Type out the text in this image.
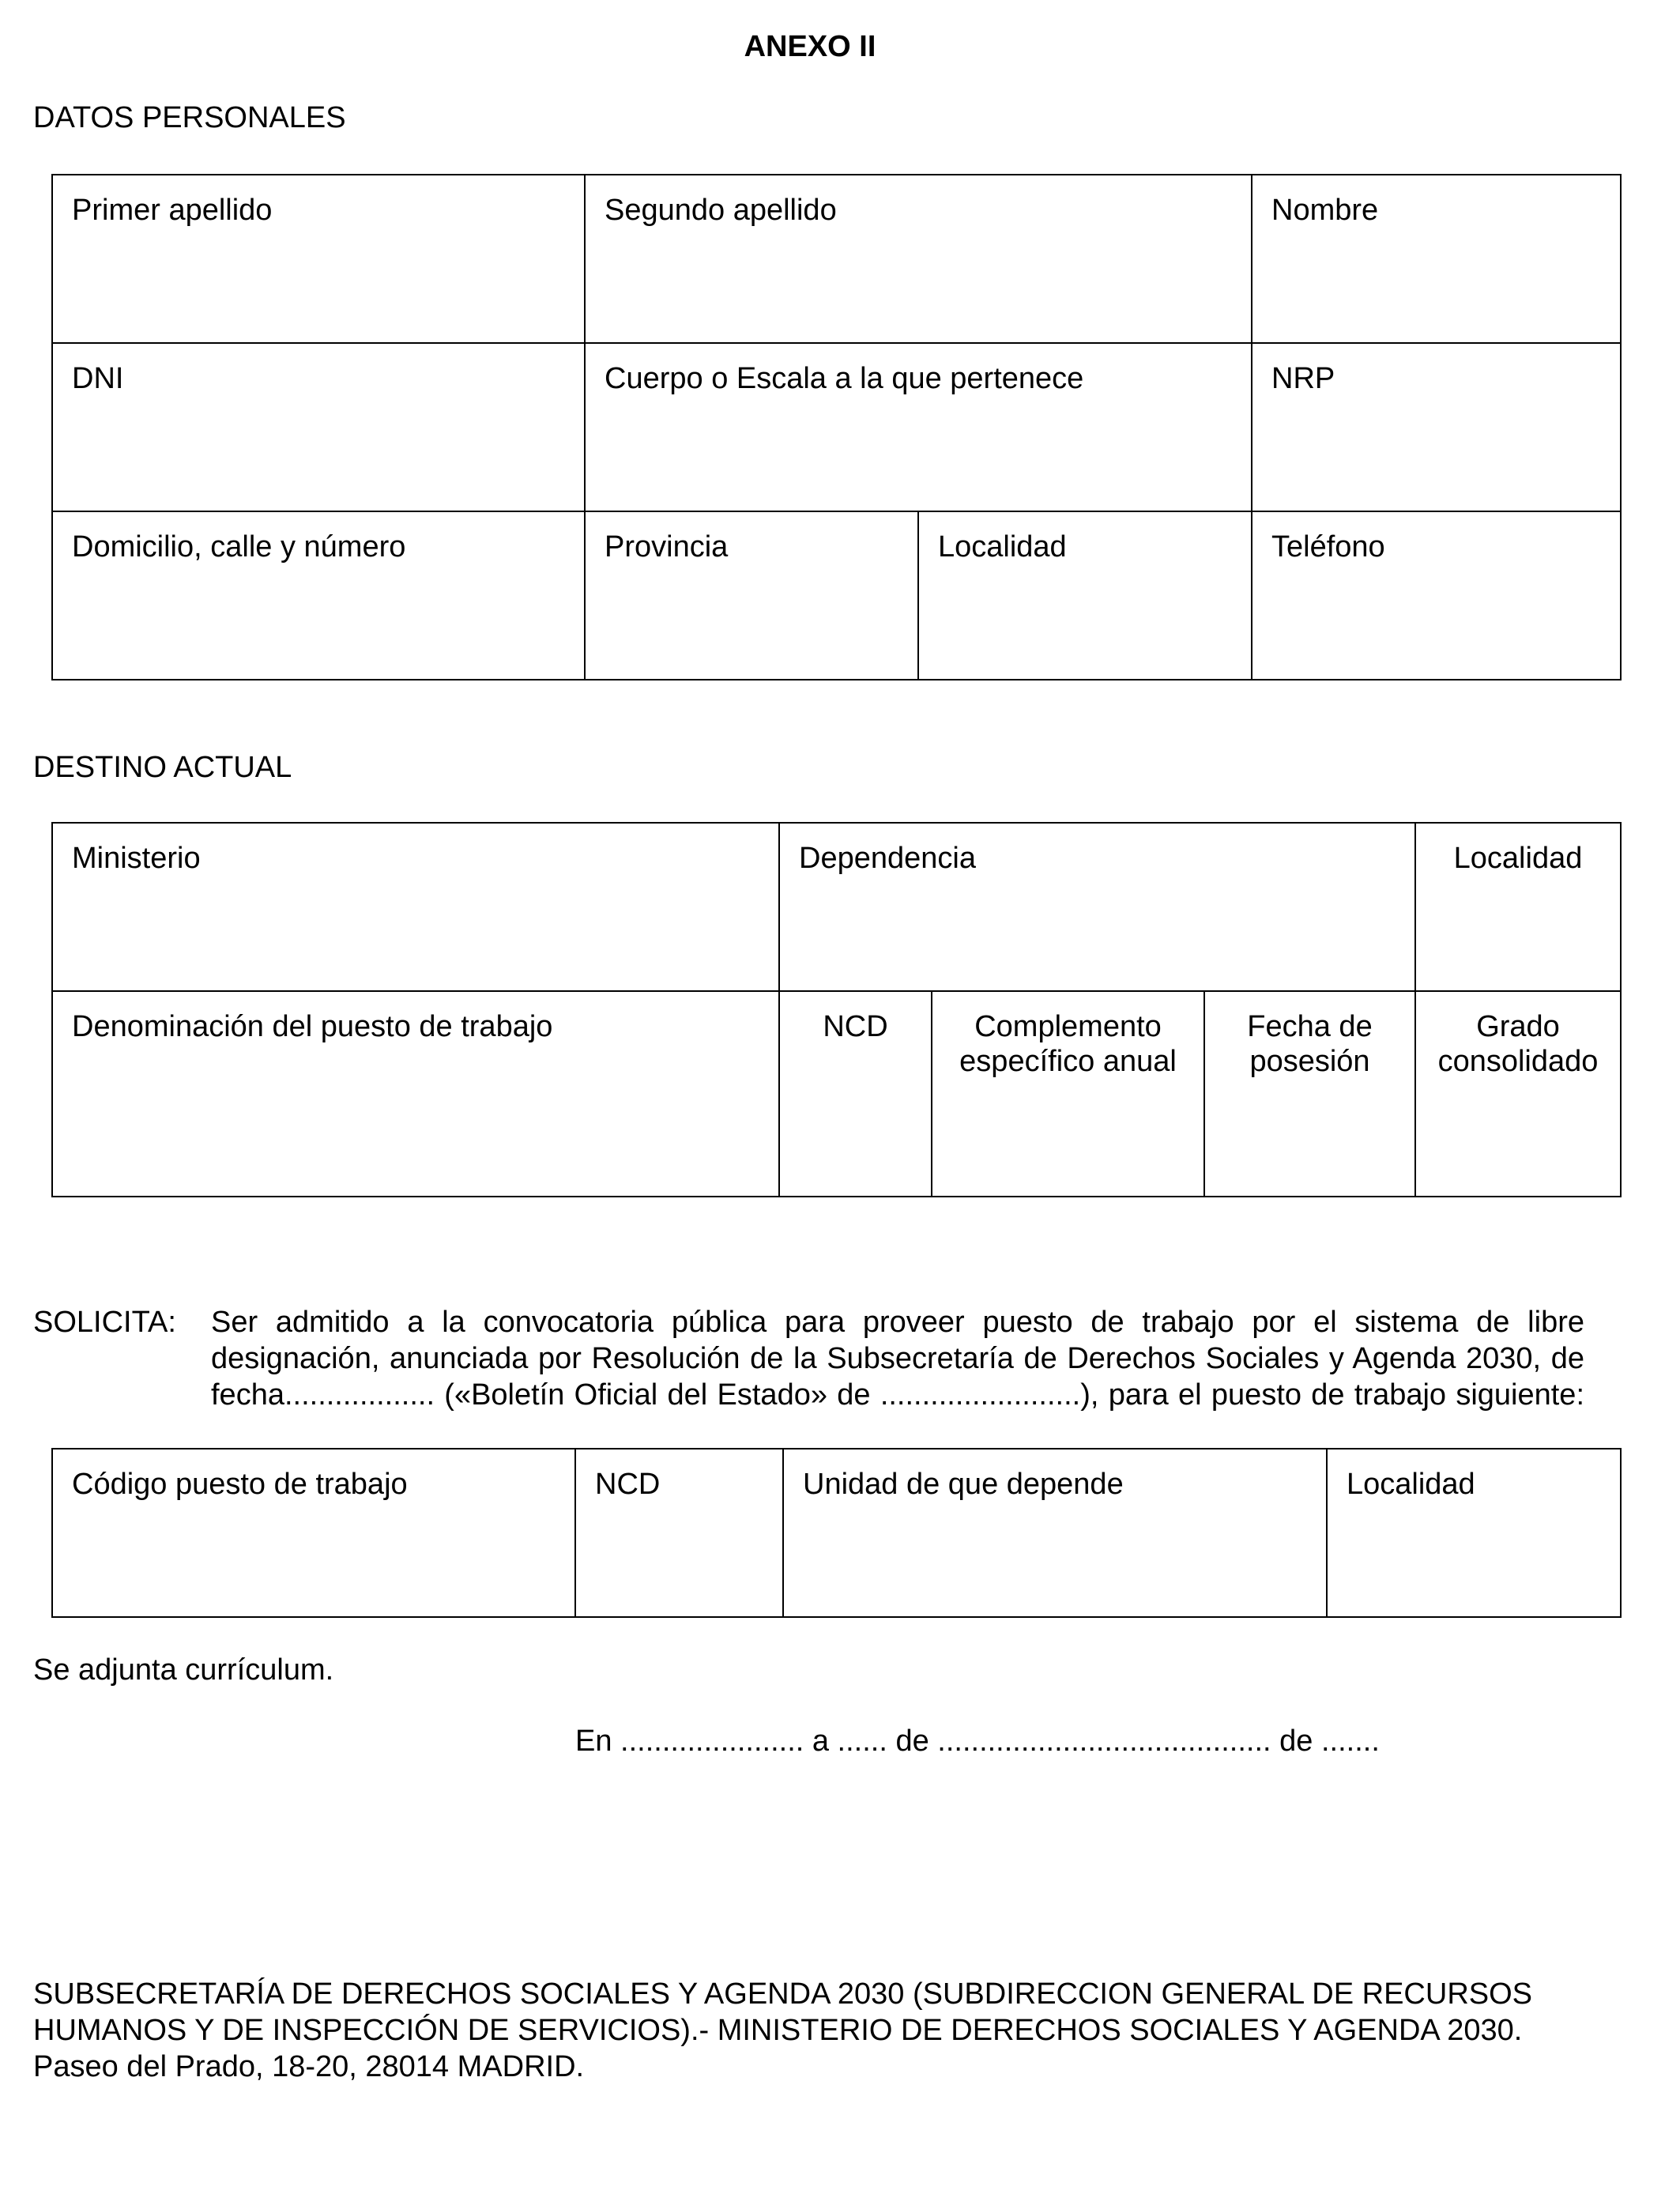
ANEXO II
DATOS PERSONALES
Primer apellido	Segundo apellido		Nombre
DNI	Cuerpo o Escala a la que pertenece		NRP
Domicilio, calle y número	Provincia	Localidad	Teléfono
DESTINO ACTUAL
Ministerio	Dependencia			Localidad
Denominación del puesto de trabajo	NCD	Complemento específico anual	Fecha de posesión	Grado consolidado
SOLICITA: Ser admitido a la convocatoria pública para proveer puesto de trabajo por el sistema de libre
designación, anunciada por Resolución de la Subsecretaría de Derechos Sociales y Agenda 2030, de
fecha.................. («Boletín Oficial del Estado» de ........................), para el puesto de trabajo siguiente:
Código puesto de trabajo	NCD	Unidad de que depende	Localidad
Se adjunta currículum.
En ...................... a ...... de ........................................ de .......
SUBSECRETARÍA DE DERECHOS SOCIALES Y AGENDA 2030 (SUBDIRECCION GENERAL DE RECURSOS
HUMANOS Y DE INSPECCIÓN DE SERVICIOS).- MINISTERIO DE DERECHOS SOCIALES Y AGENDA 2030.
Paseo del Prado, 18-20, 28014 MADRID.
